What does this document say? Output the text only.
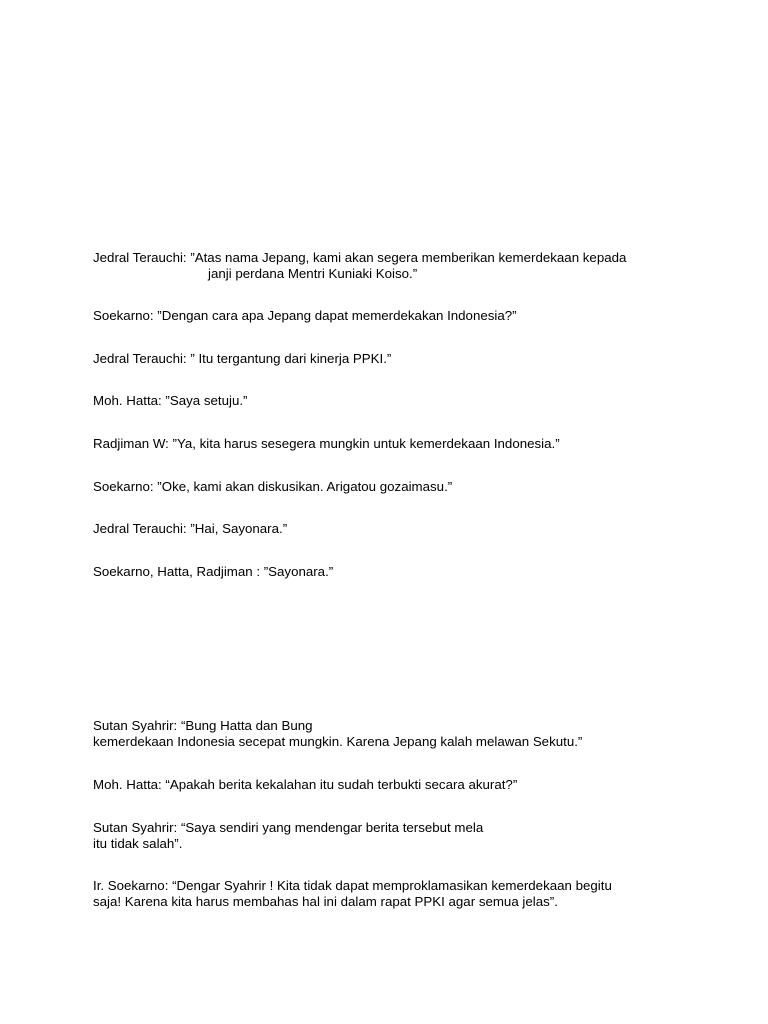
Jedral Terauchi: ”Atas nama Jepang, kami akan segera memberikan kemerdekaan kepada
janji perdana Mentri Kuniaki Koiso.”
Soekarno: ”Dengan cara apa Jepang dapat memerdekakan Indonesia?”
Jedral Terauchi: ” Itu tergantung dari kinerja PPKI.”
Moh. Hatta: ”Saya setuju.”
Radjiman W: ”Ya, kita harus sesegera mungkin untuk kemerdekaan Indonesia.”
Soekarno: ”Oke, kami akan diskusikan. Arigatou gozaimasu.”
Jedral Terauchi: ”Hai, Sayonara.”
Soekarno, Hatta, Radjiman : ”Sayonara.”
Sutan Syahrir: “Bung Hatta dan Bung
kemerdekaan Indonesia secepat mungkin. Karena Jepang kalah melawan Sekutu.”
Moh. Hatta: “Apakah berita kekalahan itu sudah terbukti secara akurat?”
Sutan Syahrir: “Saya sendiri yang mendengar berita tersebut mela
itu tidak salah”.
Ir. Soekarno: “Dengar Syahrir ! Kita tidak dapat memproklamasikan kemerdekaan begitu
saja! Karena kita harus membahas hal ini dalam rapat PPKI agar semua jelas”.
